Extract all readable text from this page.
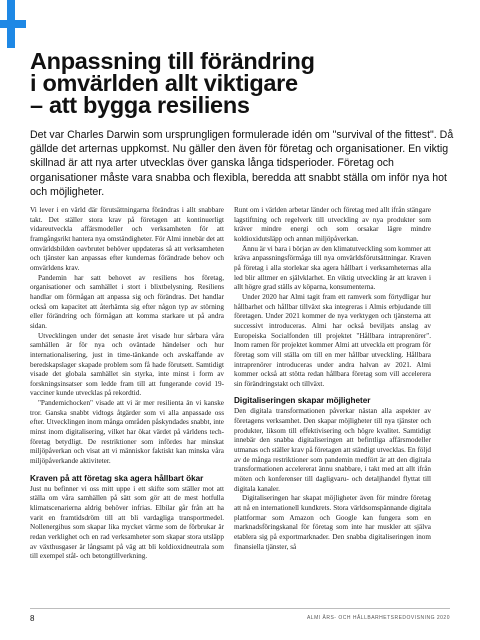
Anpassning till förändring
i omvärlden allt viktigare
– att bygga resiliens

Det var Charles Darwin som ursprungligen formulerade idén om "survival of the fittest". Då gällde det arternas uppkomst. Nu gäller den även för företag och organisationer. En viktig skillnad är att nya arter utvecklas över ganska långa tidsperioder. Företag och organisationer måste vara snabba och flexibla, beredda att snabbt ställa om inför nya hot och möjligheter.

Vi lever i en värld där förutsättningarna förändras i allt snabbare takt. Det ställer stora krav på företagen att kontinuerligt vidareutveckla affärsmodeller och verksamheten för att framgångsrikt hantera nya omständigheter. För Almi innebär det att omvärldsbilden oavbrutet behöver uppdateras så att verksamheten och tjänster kan anpassas efter kundernas förändrade behov och omvärldens krav.

Pandemin har satt behovet av resiliens hos företag, organisationer och samhället i stort i blixtbelysning. Resiliens handlar om förmågan att anpassa sig och förändras. Det handlar också om kapacitet att återhämta sig efter någon typ av störning eller förändring och förmågan att komma starkare ut på andra sidan.

Utvecklingen under det senaste året visade hur sårbara våra samhällen är för nya och oväntade händelser och hur internationalisering, just in time-tänkande och avskaffande av beredskapslager skapade problem som få hade förutsett. Samtidigt visade det globala samhället sin styrka, inte minst i form av forskningsinsatser som ledde fram till att fungerande covid 19-vacciner kunde utvecklas på rekordtid.

"Pandemichocken" visade att vi är mer resilienta än vi kanske tror. Ganska snabbt vidtogs åtgärder som vi alla anpassade oss efter. Utvecklingen inom många områden påskyndades snabbt, inte minst inom digitalisering, vilket har ökat värdet på världens tech-företag betydligt. De restriktioner som infördes har minskat miljöpåverkan och visat att vi människor faktiskt kan minska våra miljöpåverkande aktiviteter.

Kraven på att företag ska agera hållbart ökar

Just nu befinner vi oss mitt uppe i ett skifte som ställer mot att ställa om våra samhällen på sätt som gör att de mest hotfulla klimatscenarierna aldrig behöver infrias. Elbilar går från att ha varit en framtidsdröm till att bli vardagliga transportmedel. Nollenergihus som skapar lika mycket värme som de förbrukar är redan verklighet och en rad verksamheter som skapar stora utsläpp av växthusgaser är långsamt på väg att bli koldioxidneutrala som till exempel stål- och betongtillverkning.

Runt om i världen arbetar länder och företag med allt ifrån stängare lagstiftning och regelverk till utveckling av nya produkter som kräver mindre energi och som orsakar lägre mindre koldioxidutsläpp och annan miljöpåverkan.

Ännu är vi bara i början av den klimatutveckling som kommer att kräva anpassningsförmåga till nya omvärldsförutsättningar. Kraven på företag i alla storlekar ska agera hållbart i verksamheternas alla led blir alltmer en självklarhet. En viktig utveckling är att kraven i allt högre grad ställs av köparna, konsumenterna.

Under 2020 har Almi tagit fram ett ramverk som förtydligar hur hållbarhet och hållbar tillväxt ska integreras i Almis erbjudande till företagen. Under 2021 kommer de nya verktygen och tjänsterna att successivt introduceras. Almi har också beviljats anslag av Europeiska Socialfonden till projektet "Hållbara intraprenörer". Inom ramen för projektet kommer Almi att utveckla ett program för företag som vill ställa om till en mer hållbar utveckling. Hållbara intraprenörer introduceras under andra halvan av 2021. Almi kommer också att stötta redan hållbara företag som vill accelerera sin förändringstakt och tillväxt.

Digitaliseringen skapar möjligheter

Den digitala transformationen påverkar nästan alla aspekter av företagens verksamhet. Den skapar möjligheter till nya tjänster och produkter, liksom till effektivisering och högre kvalitet. Samtidigt innebär den snabba digitaliseringen att befintliga affärsmodeller utmanas och ställer krav på företagen att ständigt utvecklas. En följd av de många restriktioner som pandemin medfört är att den digitala transformationen accelererat ännu snabbare, i takt med att allt ifrån möten och konferenser till dagligvaru- och detaljhandel flyttat till digitala kanaler.

Digitaliseringen har skapat möjligheter även för mindre företag att nå en internationell kundkrets. Stora världsomspännande digitala plattformar som Amazon och Google kan fungera som en marknadsföringskanal för företag som inte har muskler att själva etablera sig på exportmarknader. Den snabba digitaliseringen inom finansiella tjänster, så

8	ALMI ÅRS- OCH HÅLLBARHETSREDOVISNING 2020
